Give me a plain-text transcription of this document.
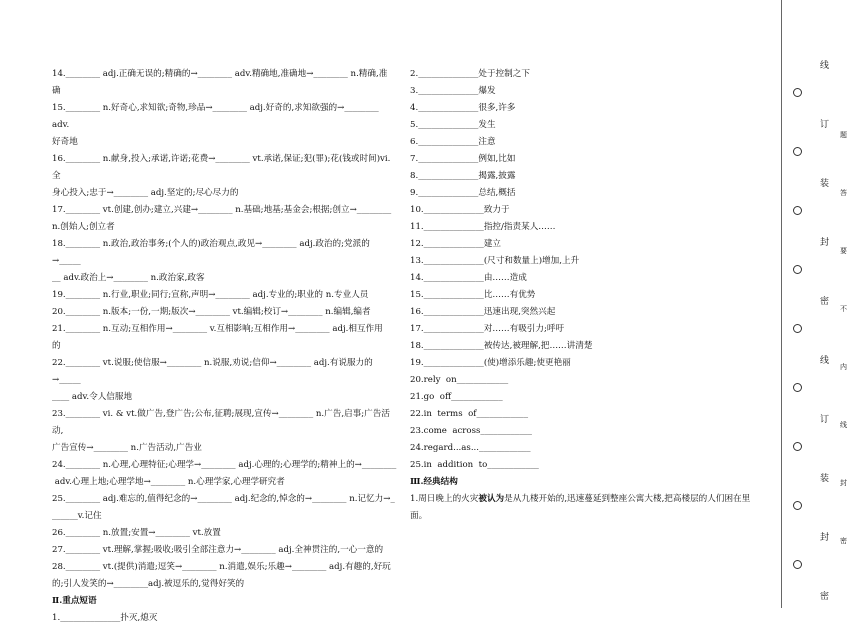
14.________ adj.正确无误的;精确的→________ adv.精确地,准确地→________ n.精确,准
确
15.________ n.好奇心,求知欲;奇物,珍品→________ adj.好奇的,求知欲强的→________ adv.
好奇地
16.________ n.献身,投入;承诺,许诺;花费→________ vt.承诺,保证;犯(罪);花(钱或时间)vi.全
身心投入;忠于→________ adj.坚定的;尽心尽力的
17.________ vt.创建,创办;建立,兴建→________ n.基础;地基;基金会;根据;创立→________
n.创始人;创立者
18.________ n.政治,政治事务;(个人的)政治观点,政见→________ adj.政治的;党派的→_____
__ adv.政治上→________ n.政治家,政客
19.________ n.行业,职业;同行;宣称,声明→________ adj.专业的;职业的 n.专业人员
20.________ n.版本;一份,一期;版次→________ vt.编辑;校订→________ n.编辑,编者
21.________ n.互动;互相作用→________ v.互相影响;互相作用→________ adj.相互作用
的
22.________ vt.说服;使信服→________ n.说服,劝说;信仰→________ adj.有说服力的→_____
____ adv.令人信服地
23.________ vi. & vt.做广告,登广告;公布,征聘;展现,宣传→________ n.广告,启事;广告活动,
广告宣传→________ n.广告活动,广告业
24.________ n.心理,心理特征;心理学→________ adj.心理的;心理学的;精神上的→________
adv.心理上地;心理学地→________ n.心理学家,心理学研究者
25.________ adj.难忘的,值得纪念的→________ adj.纪念的,悼念的→________ n.记忆力→_
______v.记住
26.________ n.放置;安置→________ vt.放置
27.________ vt.理解,掌握;吸收;吸引全部注意力→________ adj.全神贯注的,一心一意的
28.________ vt.(提供)消遣;逗笑→________ n.消遣,娱乐;乐趣→________ adj.有趣的,好玩
的;引人发笑的→________adj.被逗乐的,觉得好笑的
Ⅱ.重点短语
1.______________扑灭,熄灭
2.______________处于控制之下
3.______________爆发
4.______________很多,许多
5.______________发生
6.______________注意
7.______________例如,比如
8.______________揭露,披露
9.______________总结,概括
10.______________致力于
11.______________指控/指责某人……
12.______________建立
13.______________(尺寸和数量上)增加,上升
14.______________由……造成
15.______________比……有优势
16.______________迅速出现,突然兴起
17.______________对……有吸引力;呼吁
18.______________被传达,被理解,把……讲清楚
19.______________(使)增添乐趣;使更艳丽
20.rely  on____________
21.go  off____________
22.in  terms  of____________
23.come  across____________
24.regard...as...____________
25.in  addition  to____________
Ⅲ.经典结构
1.周日晚上的火灾被认为是从九楼开始的,迅速蔓延到整座公寓大楼,把高楼层的人们困在里
面。
线
订
装
封
密
线
订
装
封
密
题
答
要
不
内
线
封
密
